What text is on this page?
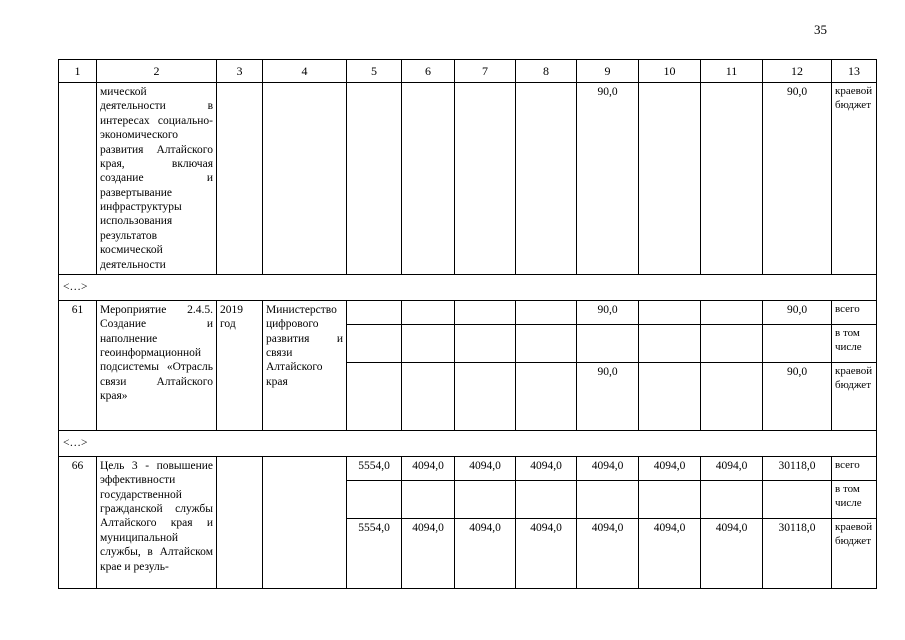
35
1	2	3	4	5	6	7	8	9	10	11	12	13
	мической деятельности в интересах социально-экономического развития Алтайского края, включая создание и развертывание инфраструктуры использования результатов космической деятельности							90,0			90,0	краевой бюджет
<…>												
61	Мероприятие 2.4.5. Создание и наполнение геоинформационной подсистемы «Отрасль связи Алтайского края»	2019 год	Министерство цифрового развития и связи Алтайского края					90,0			90,0	всего
												в том числе
								90,0			90,0	краевой бюджет
<…>												
66	Цель 3 - повышение эффективности государственной гражданской службы Алтайского края и муниципальной службы, в Алтайском крае и резуль-			5554,0	4094,0	4094,0	4094,0	4094,0	4094,0	4094,0	30118,0	всего
												в том числе
				5554,0	4094,0	4094,0	4094,0	4094,0	4094,0	4094,0	30118,0	краевой бюджет
